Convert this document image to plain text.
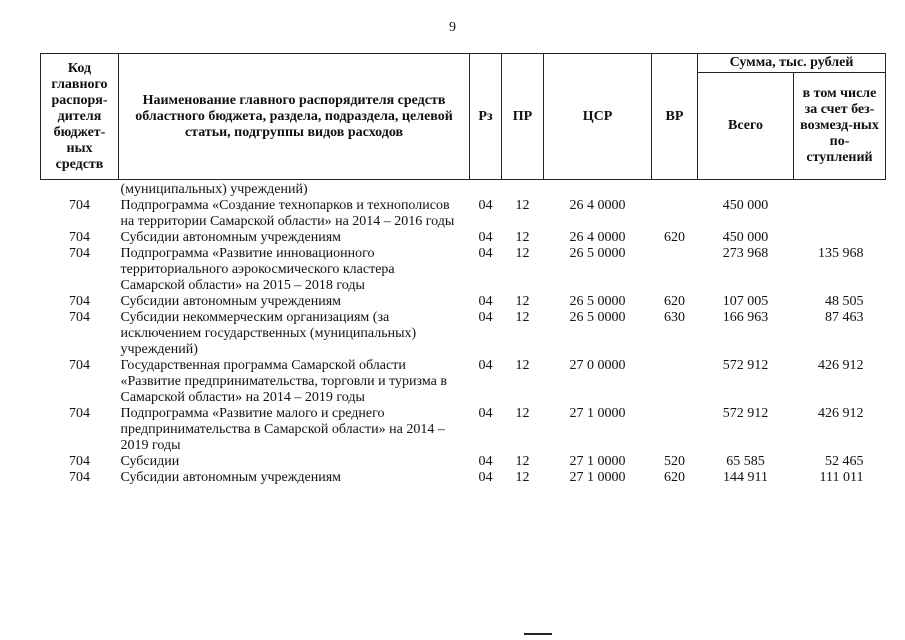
9
Код главного распоря-дителя бюджет-ных средств	Наименование главного распорядителя средств областного бюджета, раздела, подраздела, целевой статьи, подгруппы видов расходов	Рз	ПР	ЦСР	ВР	Сумма, тыс. рублей	
						Всего	в том числе за счет без-возмезд-ных по-ступлений
	(муниципальных) учреждений)						
704	Подпрограмма «Создание технопарков и технополисов на территории Самарской области» на 2014 – 2016 годы	04	12	26 4 0000		450 000	
704	Субсидии автономным учреждениям	04	12	26 4 0000	620	450 000	
704	Подпрограмма «Развитие инновационного территориального аэрокосмического кластера Самарской области» на 2015 – 2018 годы	04	12	26 5 0000		273 968	135 968
704	Субсидии автономным учреждениям	04	12	26 5 0000	620	107 005	48 505
704	Субсидии некоммерческим организациям (за исключением государственных (муниципальных) учреждений)	04	12	26 5 0000	630	166 963	87 463
704	Государственная программа Самарской области «Развитие предпринимательства, торговли и туризма в Самарской области» на 2014 – 2019 годы	04	12	27 0 0000		572 912	426 912
704	Подпрограмма «Развитие малого и среднего предпринимательства в Самарской области» на 2014 – 2019 годы	04	12	27 1 0000		572 912	426 912
704	Субсидии	04	12	27 1 0000	520	65 585	52 465
704	Субсидии автономным учреждениям	04	12	27 1 0000	620	144 911	111 011
